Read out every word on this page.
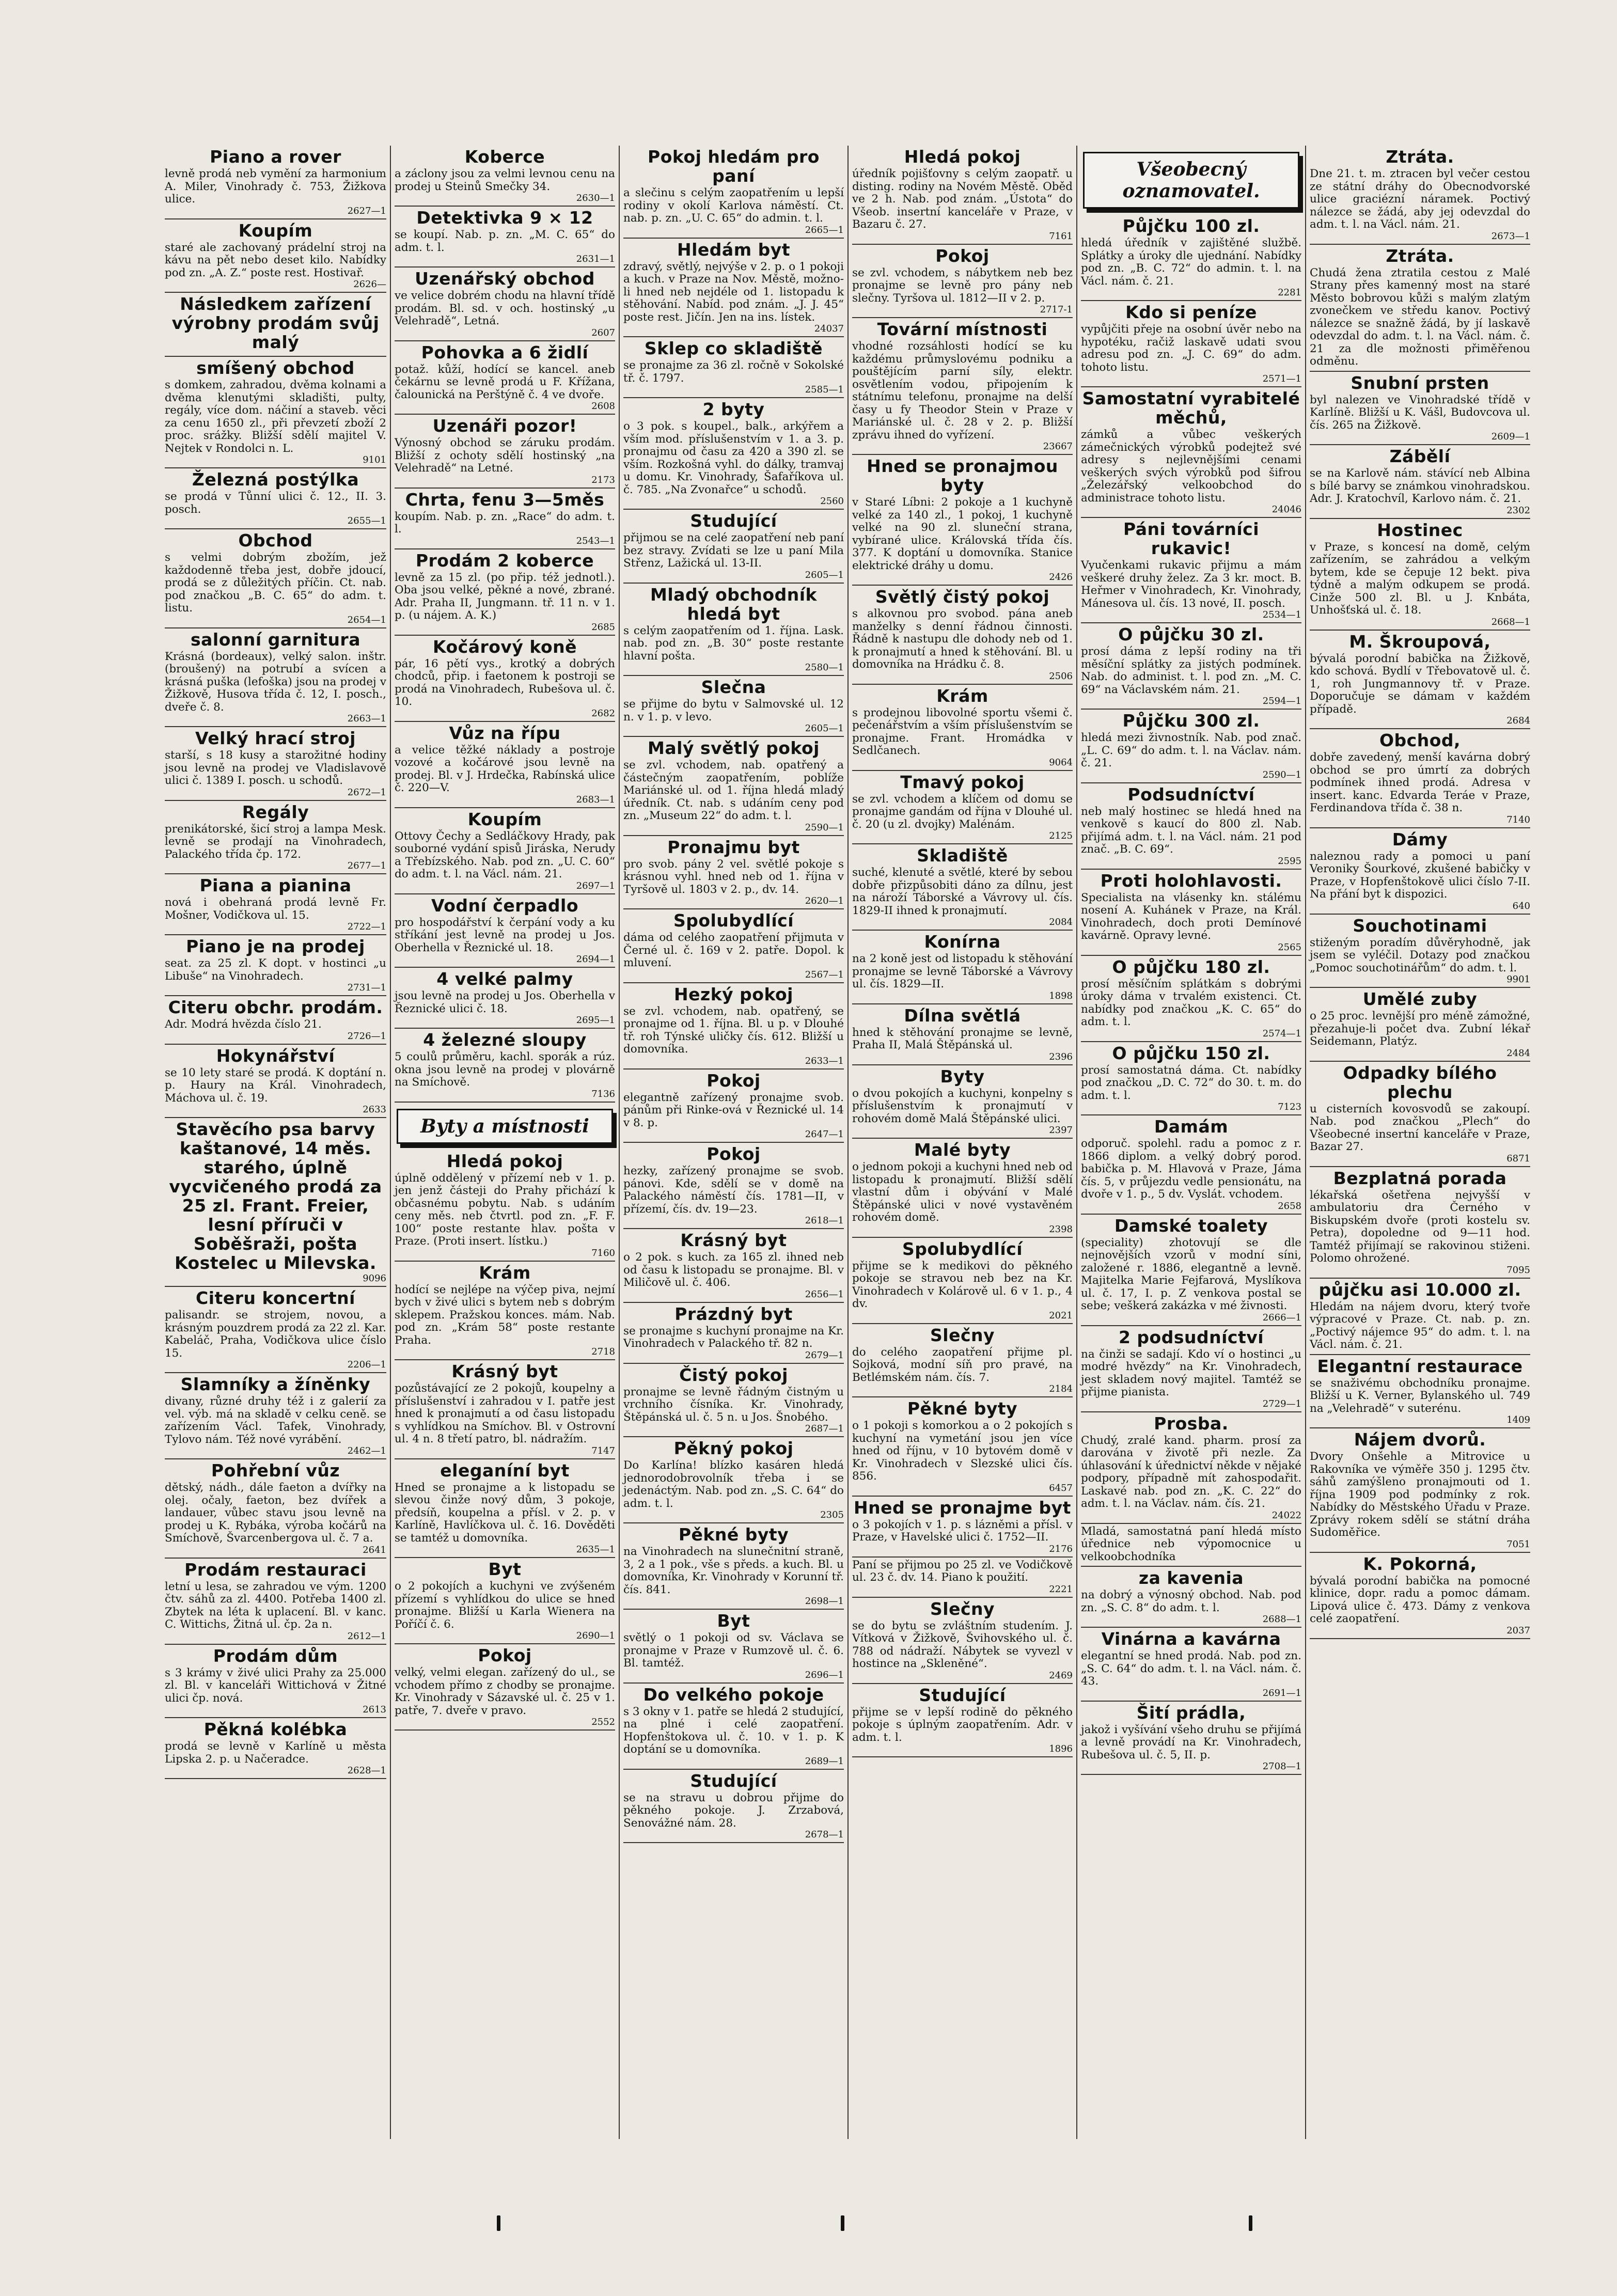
Piano a rover

levně prodá neb vymění za harmonium A. Miler, Vinohrady č. 753, Žižkova ulice.

2627—1
Koupím

staré ale zachovaný prádelní stroj na kávu na pět nebo deset kilo. Nabídky pod zn. „A. Z.“ poste rest. Hostivař.

2626—
Následkem zařízení výrobny prodám svůj malý
smíšený obchod

s domkem, zahradou, dvěma kolnami a dvěma klenutými skladišti, pulty, regály, více dom. náčiní a staveb. věci za cenu 1650 zl., při převzetí zboží 2 proc. srážky. Bližší sdělí majitel V. Nejtek v Rondolci n. L.

9101
Železná postýlka

se prodá v Tůnní ulici č. 12., II. 3. posch.

2655—1
Obchod

s velmi dobrým zbožím, jež každodenně třeba jest, dobře jdoucí, prodá se z důležitých příčin. Ct. nab. pod značkou „B. C. 65“ do adm. t. listu.

2654—1
salonní garnitura

Krásná (bordeaux), velký salon. inštr. (broušený) na potrubí a svícen a krásná puška (lefoška) jsou na prodej v Žižkově, Husova třída č. 12, I. posch., dveře č. 8.

2663—1
Velký hrací stroj

starší, s 18 kusy a starožitné hodiny jsou levně na prodej ve Vladislavově ulici č. 1389 I. posch. u schodů.

2672—1
Regály

prenikátorské, šicí stroj a lampa Mesk. levně se prodají na Vinohradech, Palackého třída čp. 172.

2677—1
Piana a pianina

nová i obehraná prodá levně Fr. Mošner, Vodičkova ul. 15.

2722—1
Piano je na prodej

seat. za 25 zl. K dopt. v hostinci „u Libuše“ na Vinohradech.

2731—1
Citeru obchr. prodám.

Adr. Modrá hvězda číslo 21.

2726—1
Hokynářství

se 10 lety staré se prodá. K doptání n. p. Haury na Král. Vinohradech, Máchova ul. č. 19.

2633
Stavěcího psa barvy kaštanové, 14 měs. starého, úplně vycvičeného prodá za 25 zl. Frant. Freier, lesní příruči v Soběšraži, pošta Kostelec u Milevska.
9096
Citeru koncertní

palisandr. se strojem, novou, a krásným pouzdrem prodá za 22 zl. Kar. Kabeláč, Praha, Vodičkova ulice číslo 15.

2206—1
Slamníky a žíněnky

divany, různé druhy též i z galerií za vel. výb. má na skladě v celku ceně. se zařízením Václ. Tafek, Vinohrady, Tylovo nám. Též nové vyrábění.

2462—1
Pohřební vůz

dětský, nádh., dále faeton a dvířky na olej. očaly, faeton, bez dvířek a landauer, vůbec stavu jsou levně na prodej u K. Rybáka, výroba kočárů na Smíchově, Švarcenbergova ul. č. 7 a.

2641
Prodám restauraci

letní u lesa, se zahradou ve vým. 1200 čtv. sáhů za zl. 4400. Potřeba 1400 zl. Zbytek na léta k uplacení. Bl. v kanc. C. Wittichs, Žitná ul. čp. 2a n.

2612—1
Prodám dům

s 3 krámy v živé ulici Prahy za 25.000 zl. Bl. v kanceláři Wittichová v Žitné ulici čp. nová.

2613
Pěkná kolébka

prodá se levně v Karlíně u města Lipska 2. p. u Načeradce.

2628—1
Koberce

a záclony jsou za velmi levnou cenu na prodej u Steinů Smečky 34.

2630—1
Detektivka 9 × 12

se koupí. Nab. p. zn. „M. C. 65“ do adm. t. l.

2631—1
Uzenářský obchod

ve velice dobrém chodu na hlavní třídě prodám. Bl. sd. v och. hostinský „u Velehradě“, Letná.

2607
Pohovka a 6 židlí

potaž. kůží, hodící se kancel. aneb čekárnu se levně prodá u F. Křížana, čalounická na Perštýně č. 4 ve dvoře.

2608
Uzenáři pozor!

Výnosný obchod se záruku prodám. Bližší z ochoty sdělí hostinský „na Velehradě“ na Letné.

2173
Chrta, fenu 3—5měs

koupím. Nab. p. zn. „Race“ do adm. t. l.

2543—1
Prodám 2 koberce

levně za 15 zl. (po přip. též jednotl.). Oba jsou velké, pěkné a nové, zbrané. Adr. Praha II, Jungmann. tř. 11 n. v 1. p. (u nájem. A. K.)

2685
Kočárový koně

pár, 16 pětí vys., krotký a dobrých chodců, přip. i faetonem k postroji se prodá na Vinohradech, Rubešova ul. č. 10.

2682
Vůz na řípu

a velice těžké náklady a postroje vozové a kočárové jsou levně na prodej. Bl. v J. Hrdečka, Rabínská ulice č. 220—V.

2683—1
Koupím

Ottovy Čechy a Sedláčkovy Hrady, pak souborné vydání spisů Jiráska, Nerudy a Třebízského. Nab. pod zn. „U. C. 60“ do adm. t. l. na Václ. nám. 21.

2697—1
Vodní čerpadlo

pro hospodářství k čerpání vody a ku stříkání jest levně na prodej u Jos. Oberhella v Řeznické ul. 18.

2694—1
4 velké palmy

jsou levně na prodej u Jos. Oberhella v Řeznické ulici č. 18.

2695—1
4 železné sloupy

5 coulů průměru, kachl. sporák a rúz. okna jsou levně na prodej v plovárně na Smíchově.

7136
Byty a místnosti
Hledá pokoj

úplně oddělený v přízemí neb v 1. p. jen jenž částeji do Prahy přichází k občasnému pobytu. Nab. s udáním ceny měs. neb čtvrtl. pod zn. „F. F. 100“ poste restante hlav. pošta v Praze. (Proti insert. lístku.)

7160
Krám

hodící se nejlépe na výčep piva, nejmí bych v živé ulici s bytem neb s dobrým sklepem. Pražskou konces. mám. Nab. pod zn. „Krám 58“ poste restante Praha.

2718
Krásný byt

pozůstávající ze 2 pokojů, koupelny a příslušenství i zahradou v I. patře jest hned k pronajmutí a od času listopadu s vyhlídkou na Smíchov. Bl. v Ostrovní ul. 4 n. 8 třetí patro, bl. nádražím.

7147
eleganíní byt

Hned se pronajme a k listopadu se slevou činže nový dům, 3 pokoje, předsíň, koupelna a přísl. v 2. p. v Karlíně, Havlíčkova ul. č. 16. Dověděti se tamtéž u domovníka.

2635—1
Byt

o 2 pokojích a kuchyni ve zvýšeném přízemí s vyhlídkou do ulice se hned pronajme. Bližší u Karla Wienera na Poříčí č. 6.

2690—1
Pokoj

velký, velmi elegan. zařízený do ul., se vchodem přímo z chodby se pronajme. Kr. Vinohrady v Sázavské ul. č. 25 v 1. patře, 7. dveře v pravo.

2552
Pokoj hledám pro paní

a slečinu s celým zaopatřením u lepší rodiny v okolí Karlova náměstí. Ct. nab. p. zn. „U. C. 65“ do admin. t. l.

2665—1
Hledám byt

zdravý, světlý, nejvýše v 2. p. o 1 pokoji a kuch. v Praze na Nov. Městě, možno-li hned neb nejdéle od 1. listopadu k stěhování. Nabíd. pod znám. „J. J. 45“ poste rest. Jičín. Jen na ins. lístek.

24037
Sklep co skladiště

se pronajme za 36 zl. ročně v Sokolské tř. č. 1797.

2585—1
2 byty

o 3 pok. s koupel., balk., arkýřem a vším mod. příslušenstvím v 1. a 3. p. pronajmu od času za 420 a 390 zl. se vším. Rozkošná vyhl. do dálky, tramvaj u domu. Kr. Vinohrady, Šafaříkova ul. č. 785. „Na Zvonařce“ u schodů.

2560
Studující

přijmou se na celé zaopatření neb paní bez stravy. Zvídati se lze u paní Mila Střenz, Lažická ul. 13-II.

2605—1
Mladý obchodník hledá byt

s celým zaopatřením od 1. října. Lask. nab. pod zn. „B. 30“ poste restante hlavní pošta.

2580—1
Slečna

se přijme do bytu v Salmovské ul. 12 n. v 1. p. v levo.

2605—1
Malý světlý pokoj

se zvl. vchodem, nab. opatřený a částečným zaopatřením, poblíže Mariánské ul. od 1. října hledá mladý úředník. Ct. nab. s udáním ceny pod zn. „Museum 22“ do adm. t. l.

2590—1
Pronajmu byt

pro svob. pány 2 vel. světlé pokoje s krásnou vyhl. hned neb od 1. října v Tyršově ul. 1803 v 2. p., dv. 14.

2620—1
Spolubydlící

dáma od celého zaopatření přijmuta v Černé ul. č. 169 v 2. patře. Dopol. k mluvení.

2567—1
Hezký pokoj

se zvl. vchodem, nab. opatřený, se pronajme od 1. října. Bl. u p. v Dlouhé tř. roh Týnské uličky čís. 612. Bližší u domovníka.

2633—1
Pokoj

elegantně zařízený pronajme svob. pánům při Rinke-ová v Řeznické ul. 14 v 8. p.

2647—1
Pokoj

hezky, zařízený pronajme se svob. pánovi. Kde, sdělí se v domě na Palackého náměstí čís. 1781—II, v přízemí, čís. dv. 19—23.

2618—1
Krásný byt

o 2 pok. s kuch. za 165 zl. ihned neb od času k listopadu se pronajme. Bl. v Miličově ul. č. 406.

2656—1
Prázdný byt

se pronajme s kuchyní pronajme na Kr. Vinohradech v Palackého tř. 82 n.

2679—1
Čistý pokoj

pronajme se levně řádným čistným u vrchního čísníka. Kr. Vinohrady, Štěpánská ul. č. 5 n. u Jos. Šnobého.

2687—1
Pěkný pokoj

Do Karlína! blízko kasáren hledá jednorodobrovolník třeba i se jedenáctým. Nab. pod zn. „S. C. 64“ do adm. t. l.

2305
Pěkné byty

na Vinohradech na slunečnitní straně, 3, 2 a 1 pok., vše s předs. a kuch. Bl. u domovníka, Kr. Vinohrady v Korunní tř. čís. 841.

2698—1
Byt

světlý o 1 pokoji od sv. Václava se pronajme v Praze v Rumzově ul. č. 6. Bl. tamtéž.

2696—1
Do velkého pokoje

s 3 okny v 1. patře se hledá 2 studující, na plné i celé zaopatření. Hopfenštokova ul. č. 10. v 1. p. K doptání se u domovníka.

2689—1
Studující

se na stravu u dobrou přijme do pěkného pokoje. J. Zrzabová, Senovážné nám. 28.

2678—1
Hledá pokoj

úředník pojišťovny s celým zaopatř. u disting. rodiny na Novém Městě. Oběd ve 2 h. Nab. pod znám. „Ústota“ do Všeob. insertní kanceláře v Praze, v Bazaru č. 27.

7161
Pokoj

se zvl. vchodem, s nábytkem neb bez pronajme se levně pro pány neb slečny. Tyršova ul. 1812—II v 2. p.

2717-1
Tovární místnosti

vhodné rozsáhlosti hodící se ku každému průmyslovému podniku a pouštějícím parní síly, elektr. osvětlením vodou, připojením k státnímu telefonu, pronajme na delší časy u fy Theodor Stein v Praze v Mariánské ul. č. 28 v 2. p. Bližší zprávu ihned do vyřízení.

23667
Hned se pronajmou byty

v Staré Líbni: 2 pokoje a 1 kuchyně velké za 140 zl., 1 pokoj, 1 kuchyně velké na 90 zl. sluneční strana, vybírané ulice. Královská třída čís. 377. K doptání u domovníka. Stanice elektrické dráhy u domu.

2426
Světlý čistý pokoj

s alkovnou pro svobod. pána aneb manželky s denní řádnou činnosti. Řádně k nastupu dle dohody neb od 1. k pronajmutí a hned k stěhování. Bl. u domovníka na Hrádku č. 8.

2506
Krám

s prodejnou libovolné sportu všemi č. pečenářstvím a vším příslušenstvím se pronajme. Frant. Hromádka v Sedlčanech.

9064
Tmavý pokoj

se zvl. vchodem a klíčem od domu se pronajme gandám od října v Dlouhé ul. č. 20 (u zl. dvojky) Malénám.

2125
Skladiště

suché, klenuté a světlé, které by sebou dobře přizpůsobiti dáno za dílnu, jest na nároží Táborské a Vávrovy ul. čís. 1829-II ihned k pronajmutí.

2084
Konírna

na 2 koně jest od listopadu k stěhování pronajme se levně Táborské a Vávrovy ul. čís. 1829—II.

1898
Dílna světlá

hned k stěhování pronajme se levně, Praha II, Malá Štěpánská ul.

2396
Byty

o dvou pokojích a kuchyni, konpelny s příslušenstvím k pronajmutí v rohovém domě Malá Štěpánské ulici.

2397
Malé byty

o jednom pokoji a kuchyni hned neb od listopadu k pronajmutí. Bližší sdělí vlastní dům i obývání v Malé Štěpánské ulici v nové vystavěném rohovém domě.

2398
Spolubydlící

přijme se k medikovi do pěkného pokoje se stravou neb bez na Kr. Vinohradech v Kolárově ul. 6 v 1. p., 4 dv.

2021
Slečny

do celého zaopatření přijme pl. Sojková, modní síň pro pravé, na Betlémském nám. čís. 7.

2184
Pěkné byty

o 1 pokoji s komorkou a o 2 pokojích s kuchyní na vymetání jsou jen více hned od říjnu, v 10 bytovém domě v Kr. Vinohradech v Slezské ulici čís. 856.

6457
Hned se pronajme byt

o 3 pokojích v 1. p. s lázněmi a přísl. v Praze, v Havelské ulici č. 1752—II.

2176

Paní se přijmou po 25 zl. ve Vodičkově ul. 23 č. dv. 14. Piano k použití.

2221
Slečny

se do bytu se zvláštním studením. J. Vítková v Žižkově, Švihovského ul. č. 788 od nádraží. Nábytek se vyvezl v hostince na „Skleněné“.

2469
Studující

přijme se v lepší rodině do pěkného pokoje s úplným zaopatřením. Adr. v adm. t. l.

1896
Všeobecný oznamovatel.
Půjčku 100 zl.

hledá úředník v zajištěné službě. Splátky a úroky dle ujednání. Nabídky pod zn. „B. C. 72“ do admin. t. l. na Václ. nám. č. 21.

2281
Kdo si peníze

vypůjčiti přeje na osobní úvěr nebo na hypotéku, račiž laskavě udati svou adresu pod zn. „J. C. 69“ do adm. tohoto listu.

2571—1
Samostatní vyrabitelé měchů,

zámků a vůbec veškerých zámečnických výrobků podejtež své adresy s nejlevnějšími cenami veškerých svých výrobků pod šifrou „Železářský velkoobchod do administrace tohoto listu.

24046
Páni továrníci rukavic!

Vyučenkami rukavic přijmu a mám veškeré druhy želez. Za 3 kr. moct. B. Heřmer v Vinohradech, Kr. Vinohrady, Mánesova ul. čís. 13 nové, II. posch.

2534—1
O půjčku 30 zl.

prosí dáma z lepší rodiny na tři měsíční splátky za jistých podmínek. Nab. do administ. t. l. pod zn. „M. C. 69“ na Václavském nám. 21.

2594—1
Půjčku 300 zl.

hledá mezi živnostník. Nab. pod znač. „L. C. 69“ do adm. t. l. na Václav. nám. č. 21.

2590—1
Podsudníctví

neb malý hostinec se hledá hned na venkově s kaucí do 800 zl. Nab. přijímá adm. t. l. na Václ. nám. 21 pod znač. „B. C. 69“.

2595
Proti holohlavosti.

Specialista na vlásenky kn. stálému nosení A. Kuhánek v Praze, na Král. Vinohradech, doch proti Demínové kavárně. Opravy levné.

2565
O půjčku 180 zl.

prosí měsíčním splátkám s dobrými úroky dáma v trvalém existenci. Ct. nabídky pod značkou „K. C. 65“ do adm. t. l.

2574—1
O půjčku 150 zl.

prosí samostatná dáma. Ct. nabídky pod značkou „D. C. 72“ do 30. t. m. do adm. t. l.

7123
Damám

odporuč. spolehl. radu a pomoc z r. 1866 diplom. a velký dobrý porod. babička p. M. Hlavová v Praze, Jáma čís. 5, v průjezdu vedle pensionátu, na dvoře v 1. p., 5 dv. Vyslát. vchodem.

2658
Damské toalety

(speciality) zhotovují se dle nejnovějších vzorů v modní síni, založené r. 1886, elegantně a levně. Majitelka Marie Fejfarová, Myslíkova ul. č. 17, I. p. Z venkova postal se sebe; veškerá zakázka v mé živnosti.

2666—1
2 podsudníctví

na činži se sadají. Kdo ví o hostinci „u modré hvězdy“ na Kr. Vinohradech, jest skladem nový majitel. Tamtéž se přijme pianista.

2729—1
Prosba.

Chudý, zralé kand. pharm. prosí za darována v životě při nezle. Za úhlasování k úřednictví někde v nějaké podpory, případně mít zahospodařit. Laskavé nab. pod zn. „K. C. 22“ do adm. t. l. na Václav. nám. čís. 21.

24022

Mladá, samostatná paní hledá místo úřednice neb výpomocnice u velkoobchodníka

za kavenia

na dobrý a výnosný obchod. Nab. pod zn. „S. C. 8“ do adm. t. l.

2688—1
Vinárna a kavárna

elegantní se hned prodá. Nab. pod zn. „S. C. 64“ do adm. t. l. na Václ. nám. č. 43.

2691—1
Šití prádla,

jakož i vyšívání všeho druhu se přijímá a levně provádí na Kr. Vinohradech, Rubešova ul. č. 5, II. p.

2708—1
Ztráta.

Dne 21. t. m. ztracen byl večer cestou ze státní dráhy do Obecnodvorské ulice graciézní náramek. Poctivý nálezce se žádá, aby jej odevzdal do adm. t. l. na Václ. nám. 21.

2673—1
Ztráta.

Chudá žena ztratila cestou z Malé Strany přes kamenný most na staré Město bobrovou kůži s malým zlatým zvonečkem ve středu kanov. Poctivý nálezce se snažně žádá, by jí laskavě odevzdal do adm. t. l. na Václ. nám. č. 21 za dle možnosti přiměřenou odměnu.

Snubní prsten

byl nalezen ve Vinohradské třídě v Karlíně. Bližší u K. Vášl, Budovcova ul. čís. 265 na Žižkově.

2609—1
Zábělí

se na Karlově nám. stávící neb Albina s bílé barvy se známkou vinohradskou. Adr. J. Kratochvíl, Karlovo nám. č. 21.

2302
Hostinec

v Praze, s koncesí na domě, celým zařízením, se zahrádou a velkým bytem, kde se čepuje 12 bekt. piva týdně a malým odkupem se prodá. Cinže 500 zl. Bl. u J. Knbáta, Unhošťská ul. č. 18.

2668—1
M. Škroupová,

bývalá porodní babička na Žižkově, kdo schová. Bydlí v Třebovatově ul. č. 1, roh Jungmannovy tř. v Praze. Doporučuje se dámam v každém případě.

2684
Obchod,

dobře zavedený, menší kavárna dobrý obchod se pro úmrtí za dobrých podmínek ihned prodá. Adresa v insert. kanc. Edvarda Teráe v Praze, Ferdinandova třída č. 38 n.

7140
Dámy

naleznou rady a pomoci u paní Veroniky Šourkové, zkušené babičky v Praze, v Hopfenštokově ulici číslo 7-II. Na přání byt k dispozici.

640
Souchotinami

stiženým poradím důvěryhodně, jak jsem se vyléčil. Dotazy pod značkou „Pomoc souchotinářům“ do adm. t. l.

9901
Umělé zuby

o 25 proc. levnější pro méně zámožné, přezahuje-li počet dva. Zubní lékař Seidemann, Platýz.

2484
Odpadky bílého plechu

u cisterních kovosvodů se zakoupí. Nab. pod značkou „Plech“ do Všeobecné insertní kanceláře v Praze, Bazar 27.

6871
Bezplatná porada

lékařská ošetřena nejvyšší v ambulatoriu dra Černého v Biskupském dvoře (proti kostelu sv. Petra), dopoledne od 9—11 hod. Tamtéž přijímají se rakovinou stiženi. Polomo ohrožené.

7095
půjčku asi 10.000 zl.

Hledám na nájem dvoru, který tvoře výpracové v Praze. Ct. nab. p. zn. „Poctivý nájemce 95“ do adm. t. l. na Václ. nám. č. 21.

Elegantní restaurace

se snaživému obchodníku pronajme. Bližší u K. Verner, Bylanského ul. 749 na „Velehradě“ v suterénu.

1409
Nájem dvorů.

Dvory Onšehle a Mitrovice u Rakovníka ve výměře 350 j. 1295 čtv. sáhů zamýšleno pronajmouti od 1. října 1909 pod podmínky z rok. Nabídky do Městského Úřadu v Praze. Zprávy rokem sdělí se státní dráha Sudoměřice.

7051
K. Pokorná,

bývalá porodní babička na pomocné klinice, dopr. radu a pomoc dámam. Lipová ulice č. 473. Dámy z venkova celé zaopatření.

2037
